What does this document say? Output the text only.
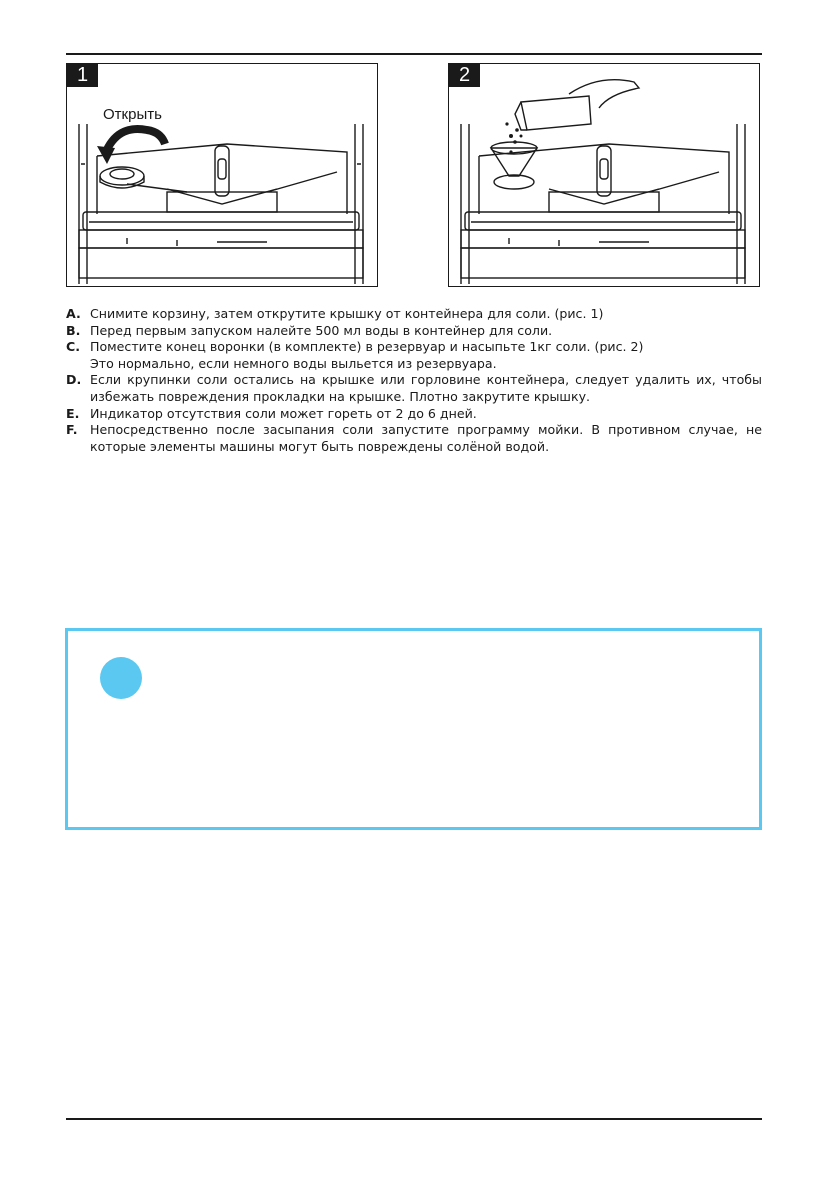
1
Открыть
2
A. Снимите корзину, затем открутите крышку от контейнера для соли. (рис. 1)
B. Перед первым запуском налейте 500 мл воды в контейнер для соли.
C. Поместите конец воронки (в комплекте) в резервуар и насыпьте 1кг соли. (рис. 2)
Это нормально, если немного воды выльется из резервуара.
D. Если крупинки соли остались на крышке или горловине контейнера, следует удалить их, чтобы избежать повреждения прокладки на крышке. Плотно закрутите крышку.
E. Индикатор отсутствия соли может гореть от 2 до 6 дней.
F. Непосредственно после засыпания соли запустите программу мойки. В противном случае, не которые элементы машины могут быть повреждены солёной водой.
